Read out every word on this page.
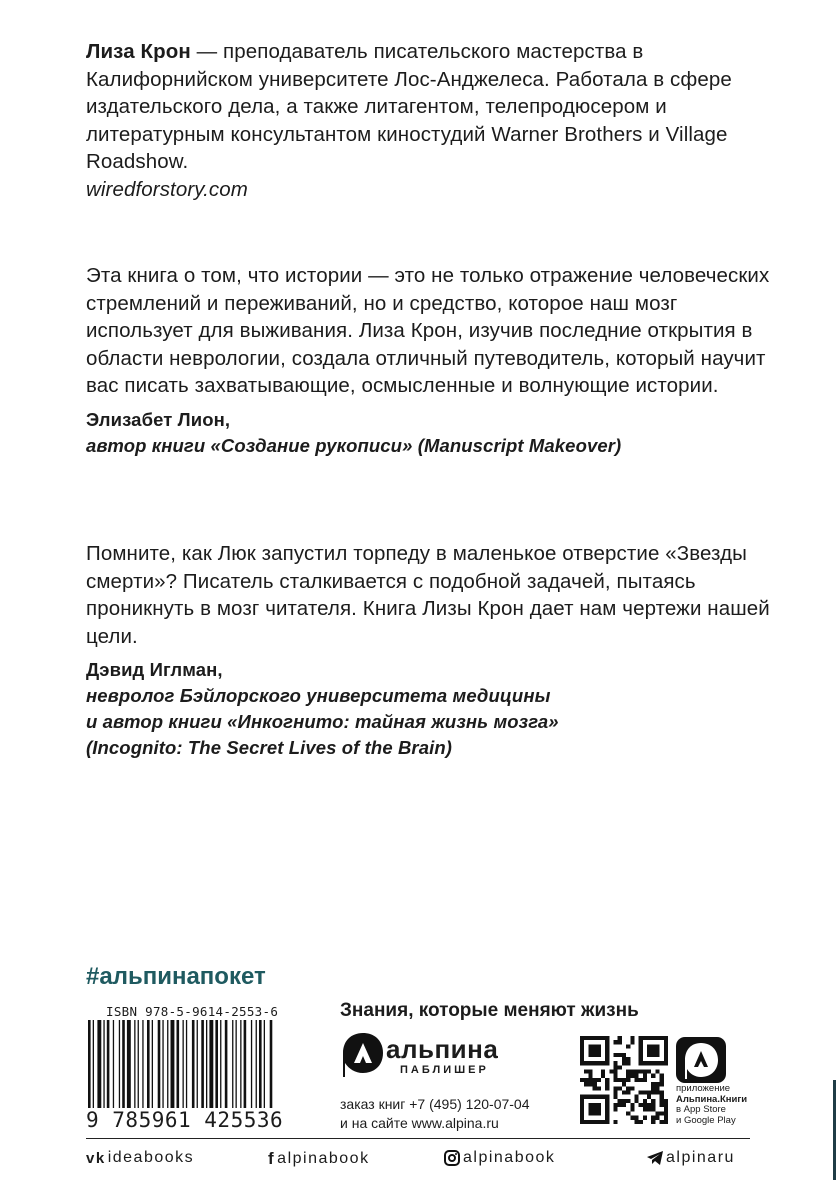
Лиза Крон — преподаватель писательского мастерства в Калифорнийском университете Лос-Анджелеса. Работала в сфере издательского дела, а также литагентом, телепродюсером и литературным консультантом киностудий Warner Brothers и Village Roadshow.

wiredforstory.com

Эта книга о том, что истории — это не только отражение человеческих стремлений и переживаний, но и средство, которое наш мозг использует для выживания. Лиза Крон, изучив последние открытия в области неврологии, создала отличный путеводитель, который научит вас писать захватывающие, осмысленные и волнующие истории.

Элизабет Лион,
автор книги «Создание рукописи» (Manuscript Makeover)

Помните, как Люк запустил торпеду в маленькое отверстие «Звезды смерти»? Писатель сталкивается с подобной задачей, пытаясь проникнуть в мозг читателя. Книга Лизы Крон дает нам чертежи нашей цели.

Дэвид Иглман,
невролог Бэйлорского университета медицины
и автор книги «Инкогнито: тайная жизнь мозга»
(Incognito: The Secret Lives of the Brain)
#альпинапокет
ISBN 978-5-9614-2553-6
9 785961 425536
Знания, которые меняют жизнь
альпина
ПАБЛИШЕР
заказ книг +7 (495) 120-07-04
и на сайте www.alpina.ru
приложение
Альпина.Книги
в App Store
и Google Play
vk ideabooks	f alpinabook	alpinabook	alpinaru
